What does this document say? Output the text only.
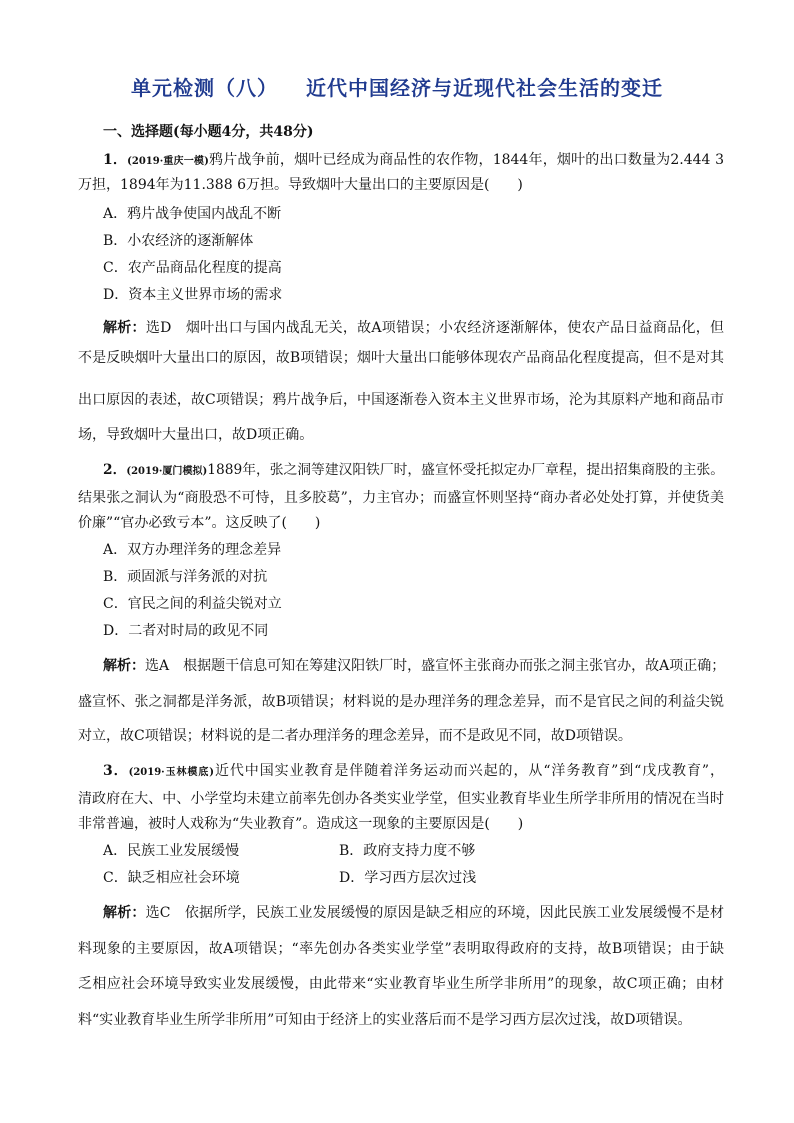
单元检测（八） 近代中国经济与近现代社会生活的变迁
一、选择题(每小题4分，共48分)
1．(2019·重庆一模)鸦片战争前，烟叶已经成为商品性的农作物，1844年，烟叶的出口数量为2.444 3
万担，1894年为11.388 6万担。导致烟叶大量出口的主要原因是(　　)
A．鸦片战争使国内战乱不断
B．小农经济的逐渐解体
C．农产品商品化程度的提高
D．资本主义世界市场的需求
解析：选D　烟叶出口与国内战乱无关，故A项错误；小农经济逐渐解体，使农产品日益商品化，但
不是反映烟叶大量出口的原因，故B项错误；烟叶大量出口能够体现农产品商品化程度提高，但不是对其
出口原因的表述，故C项错误；鸦片战争后，中国逐渐卷入资本主义世界市场，沦为其原料产地和商品市
场，导致烟叶大量出口，故D项正确。
2．(2019·厦门模拟)1889年，张之洞等建汉阳铁厂时，盛宣怀受托拟定办厂章程，提出招集商股的主张。
结果张之洞认为“商股恐不可恃，且多胶葛”，力主官办；而盛宣怀则坚持“商办者必处处打算，并使货美
价廉”“官办必致亏本”。这反映了(　　)
A．双方办理洋务的理念差异
B．顽固派与洋务派的对抗
C．官民之间的利益尖锐对立
D．二者对时局的政见不同
解析：选A　根据题干信息可知在筹建汉阳铁厂时，盛宣怀主张商办而张之洞主张官办，故A项正确；
盛宣怀、张之洞都是洋务派，故B项错误；材料说的是办理洋务的理念差异，而不是官民之间的利益尖锐
对立，故C项错误；材料说的是二者办理洋务的理念差异，而不是政见不同，故D项错误。
3．(2019·玉林模底)近代中国实业教育是伴随着洋务运动而兴起的，从“洋务教育”到“戊戌教育”，
清政府在大、中、小学堂均未建立前率先创办各类实业学堂，但实业教育毕业生所学非所用的情况在当时
非常普遍，被时人戏称为“失业教育”。造成这一现象的主要原因是(　　)
A．民族工业发展缓慢	B．政府支持力度不够
C．缺乏相应社会环境	D．学习西方层次过浅
解析：选C　依据所学，民族工业发展缓慢的原因是缺乏相应的环境，因此民族工业发展缓慢不是材
料现象的主要原因，故A项错误；“率先创办各类实业学堂”表明取得政府的支持，故B项错误；由于缺
乏相应社会环境导致实业发展缓慢，由此带来“实业教育毕业生所学非所用”的现象，故C项正确；由材
料“实业教育毕业生所学非所用”可知由于经济上的实业落后而不是学习西方层次过浅，故D项错误。
